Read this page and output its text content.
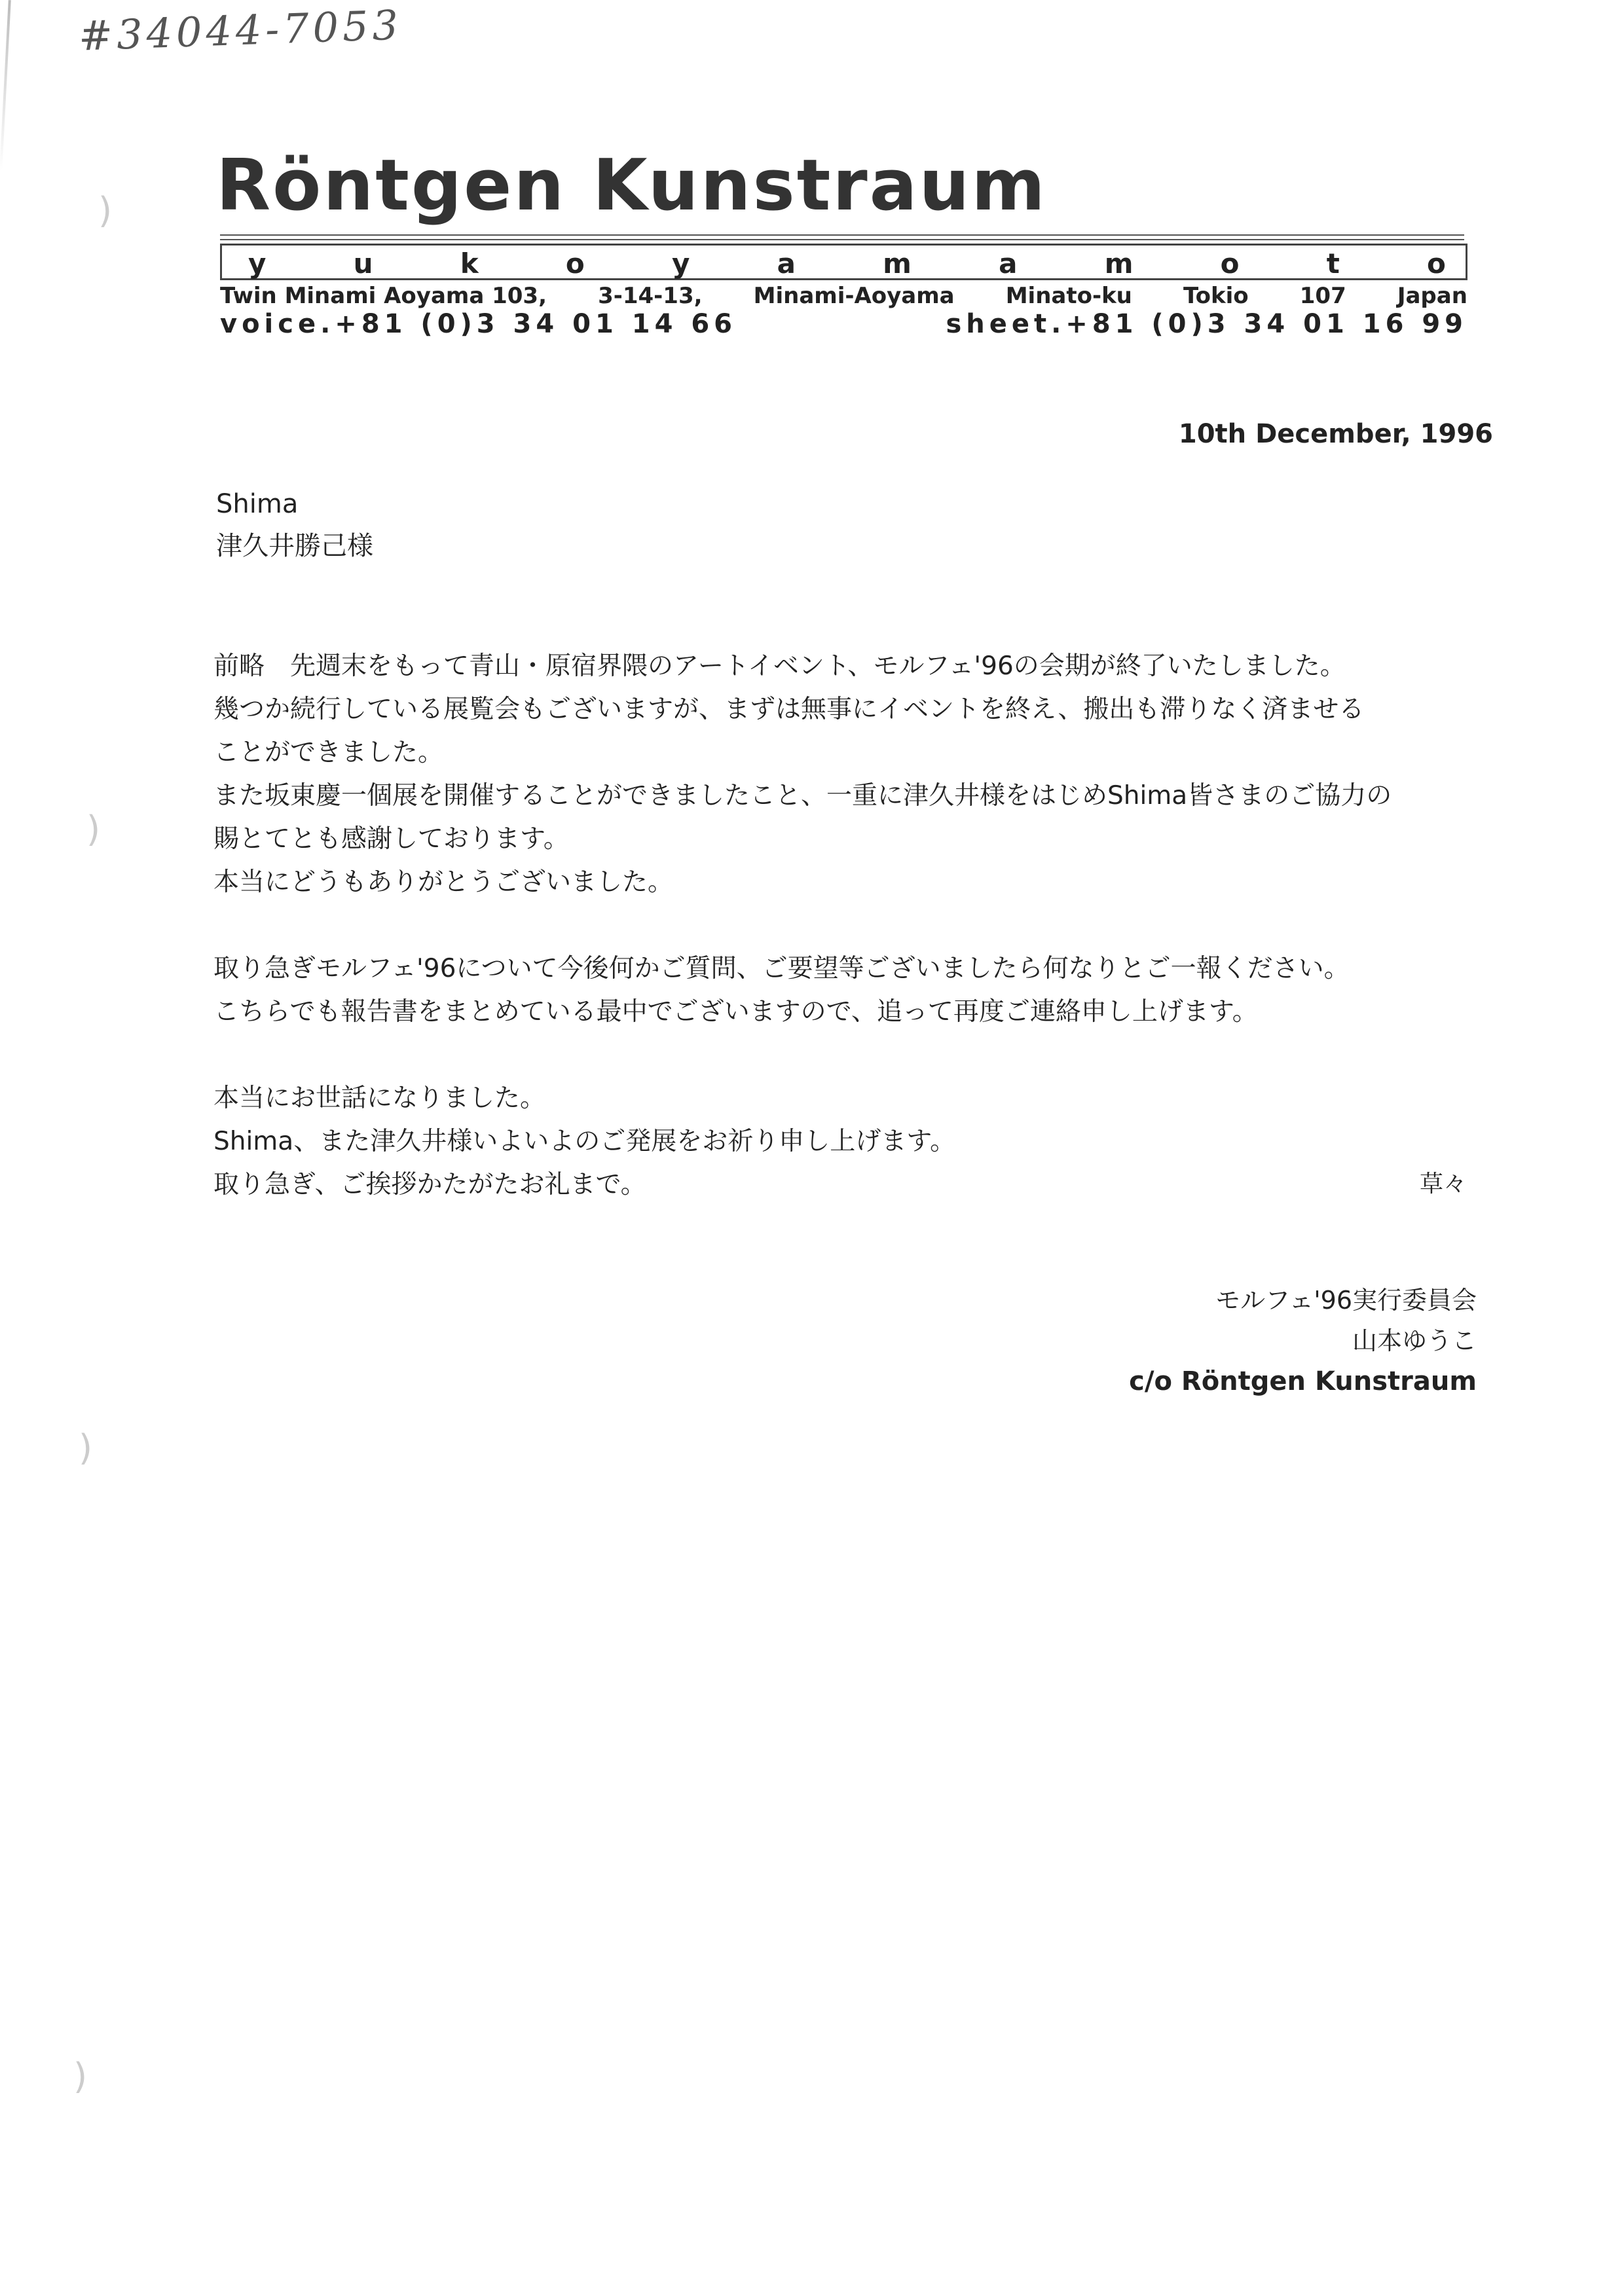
)
)
)
)
#34044-7053
Röntgen Kunstraum
y	u	k	o	y	a	m	a	m	o	t	o
Twin Minami Aoyama 103, 3-14-13, Minami-Aoyama Minato-ku Tokio 107 Japan
voice.+81 (0)3 34 01 14 66	sheet.+81 (0)3 34 01 16 99
10th December, 1996
Shima
津久井勝己様
前略　先週末をもって青山・原宿界隈のアートイベント、モルフェ'96の会期が終了いたしました。
幾つか続行している展覧会もございますが、まずは無事にイベントを終え、搬出も滞りなく済ませる
ことができました。
また坂東慶一個展を開催することができましたこと、一重に津久井様をはじめShima皆さまのご協力の
賜とてとも感謝しております。
本当にどうもありがとうございました。
取り急ぎモルフェ'96について今後何かご質問、ご要望等ございましたら何なりとご一報ください。
こちらでも報告書をまとめている最中でございますので、追って再度ご連絡申し上げます。
本当にお世話になりました。
Shima、また津久井様いよいよのご発展をお祈り申し上げます。
取り急ぎ、ご挨拶かたがたお礼まで。	草々
モルフェ'96実行委員会
山本ゆうこ
c/o Röntgen Kunstraum
